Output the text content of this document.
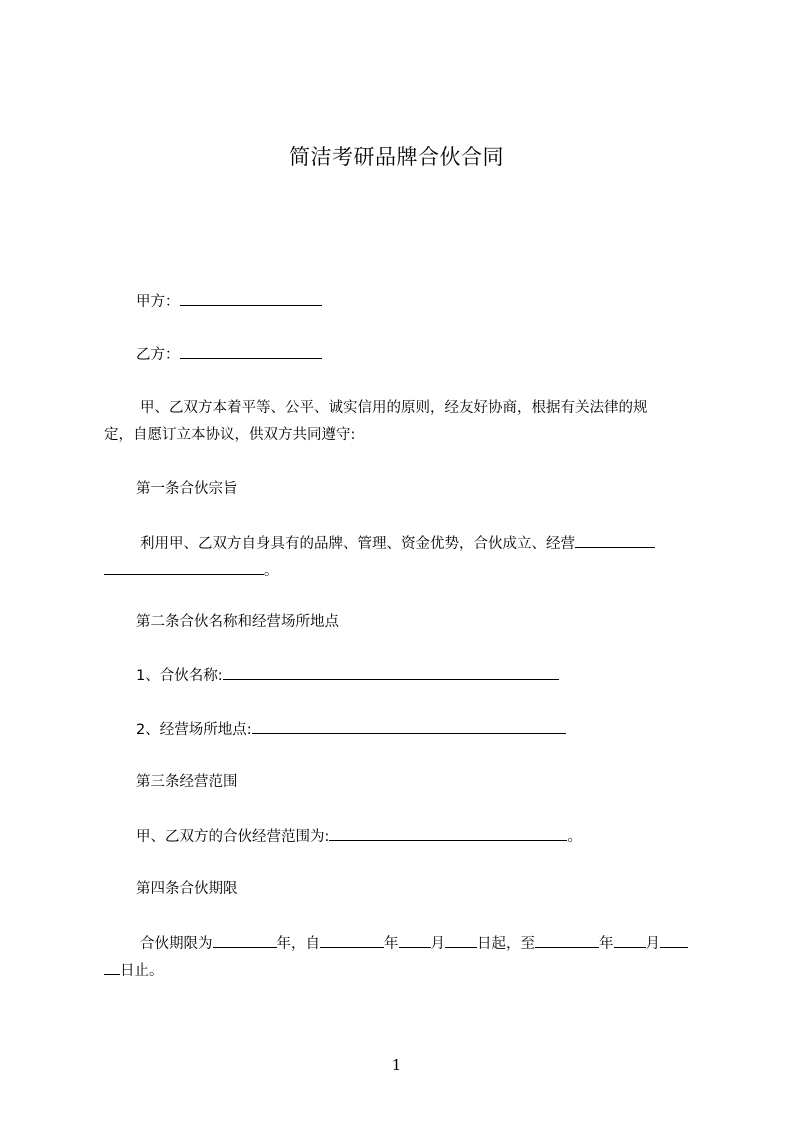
简洁考研品牌合伙合同
甲方：
乙方：
甲、乙双方本着平等、公平、诚实信用的原则，经友好协商，根据有关法律的规
定，自愿订立本协议，供双方共同遵守:
第一条合伙宗旨
利用甲、乙双方自身具有的品牌、管理、资金优势，合伙成立、经营
。
第二条合伙名称和经营场所地点
1、合伙名称:
2、经营场所地点:
第三条经营范围
甲、乙双方的合伙经营范围为:	。
第四条合伙期限
合伙期限为	年，自	年 月 日起，至	年 月
日止。
1
